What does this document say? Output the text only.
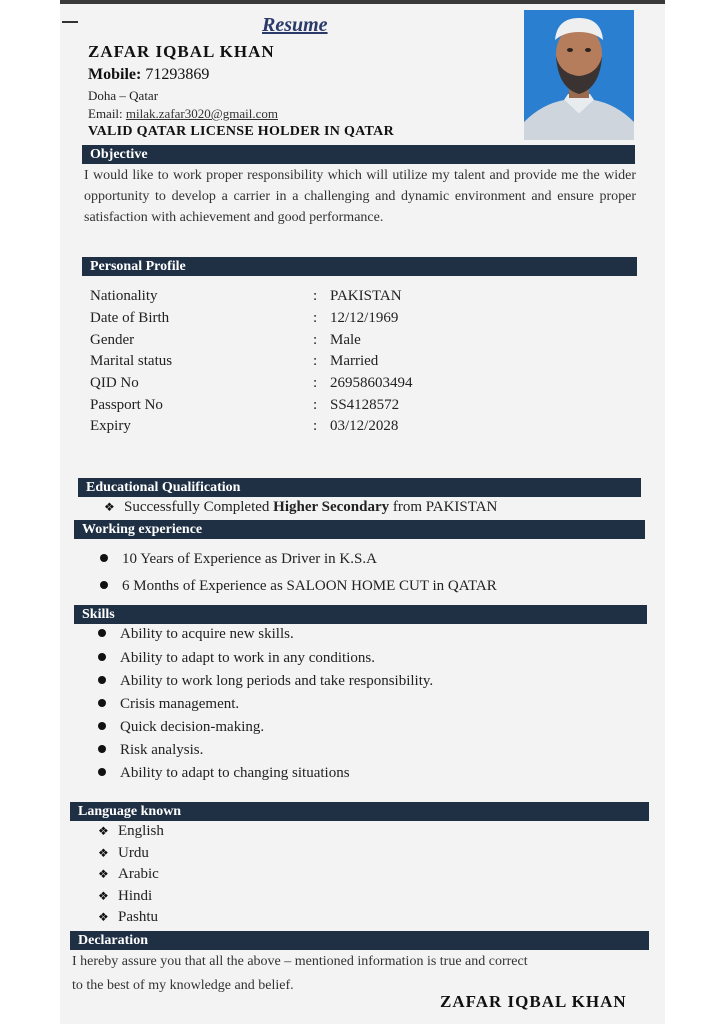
Resume
ZAFAR IQBAL KHAN
Mobile: 71293869
Doha – Qatar
Email: milak.zafar3020@gmail.com
VALID QATAR LICENSE HOLDER IN QATAR
Objective
I would like to work proper responsibility which will utilize my talent and provide me the wider opportunity to develop a carrier in a challenging and dynamic environment and ensure proper satisfaction with achievement and good performance.
Personal Profile
Nationality	: PAKISTAN
Date of Birth	: 12/12/1969
Gender	: Male
Marital status	: Married
QID No	: 26958603494
Passport No	: SS4128572
Expiry	: 03/12/2028
Educational Qualification
❖ Successfully Completed Higher Secondary from PAKISTAN
Working experience
10 Years of Experience as Driver in K.S.A
6 Months of Experience as SALOON HOME CUT in QATAR
Skills
Ability to acquire new skills.
Ability to adapt to work in any conditions.
Ability to work long periods and take responsibility.
Crisis management.
Quick decision-making.
Risk analysis.
Ability to adapt to changing situations
Language known
❖ English
❖ Urdu
❖ Arabic
❖ Hindi
❖ Pashtu
Declaration
I hereby assure you that all the above – mentioned information is true and correct
to the best of my knowledge and belief.
ZAFAR IQBAL KHAN
